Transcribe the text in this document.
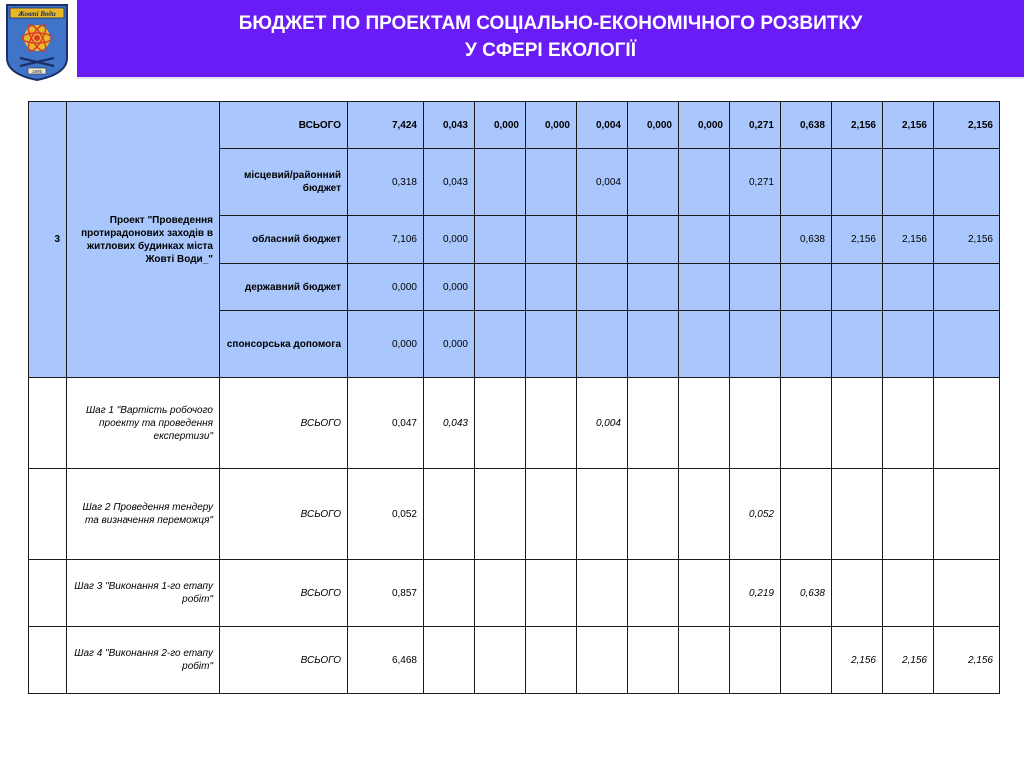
БЮДЖЕТ ПО ПРОЕКТАМ СОЦІАЛЬНО-ЕКОНОМІЧНОГО РОЗВИТКУ
У СФЕРІ ЕКОЛОГІЇ
Жовті Води
1895
3	Проект "Проведення протирадонових заходів в житлових будинках міста Жовті Води_"	ВСЬОГО	7,424	0,043	0,000	0,000	0,004	0,000	0,000	0,271	0,638	2,156	2,156	2,156
		місцевий/районний бюджет	0,318	0,043			0,004			0,271				
		обласний бюджет	7,106	0,000							0,638	2,156	2,156	2,156
		державний бюджет	0,000	0,000										
		спонсорська допомога	0,000	0,000										
	Шаг 1 "Вартість робочого проекту та проведення експертизи"	ВСЬОГО	0,047	0,043			0,004							
	Шаг 2 Проведення тендеру та визначення переможця"	ВСЬОГО	0,052							0,052				
	Шаг 3 "Виконання 1-го етапу робіт"	ВСЬОГО	0,857							0,219	0,638			
	Шаг 4 "Виконання 2-го етапу робіт"	ВСЬОГО	6,468									2,156	2,156	2,156
